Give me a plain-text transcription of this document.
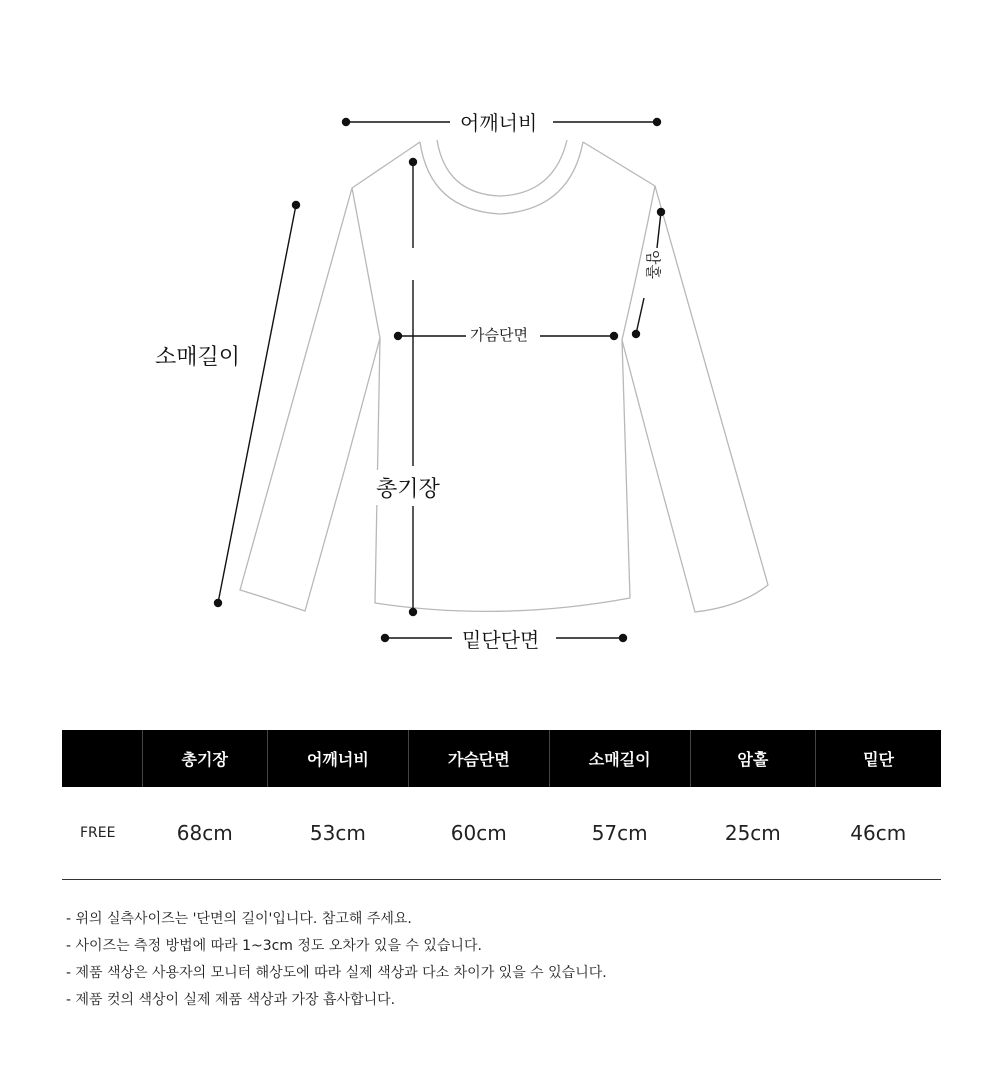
어깨너비
가슴단면
소매길이
총기장
밑단단면
암홀
	총기장	어깨너비	가슴단면	소매길이	암홀	밑단
FREE	68cm	53cm	60cm	57cm	25cm	46cm
- 위의 실측사이즈는 '단면의 길이'입니다. 참고해 주세요.
- 사이즈는 측정 방법에 따라 1~3cm 정도 오차가 있을 수 있습니다.
- 제품 색상은 사용자의 모니터 해상도에 따라 실제 색상과 다소 차이가 있을 수 있습니다.
- 제품 컷의 색상이 실제 제품 색상과 가장 흡사합니다.
